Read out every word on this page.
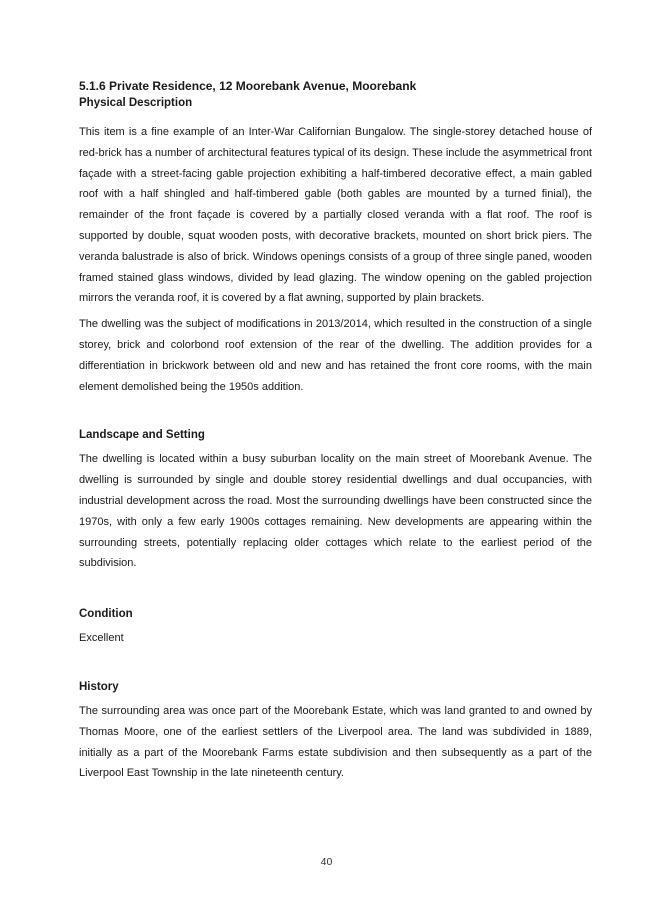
5.1.6 Private Residence, 12 Moorebank Avenue, Moorebank
Physical Description

This item is a fine example of an Inter-War Californian Bungalow. The single-storey detached house of red-brick has a number of architectural features typical of its design. These include the asymmetrical front façade with a street-facing gable projection exhibiting a half-timbered decorative effect, a main gabled roof with a half shingled and half-timbered gable (both gables are mounted by a turned finial), the remainder of the front façade is covered by a partially closed veranda with a flat roof. The roof is supported by double, squat wooden posts, with decorative brackets, mounted on short brick piers. The veranda balustrade is also of brick. Windows openings consists of a group of three single paned, wooden framed stained glass windows, divided by lead glazing. The window opening on the gabled projection mirrors the veranda roof, it is covered by a flat awning, supported by plain brackets.

The dwelling was the subject of modifications in 2013/2014, which resulted in the construction of a single storey, brick and colorbond roof extension of the rear of the dwelling. The addition provides for a differentiation in brickwork between old and new and has retained the front core rooms, with the main element demolished being the 1950s addition.

Landscape and Setting

The dwelling is located within a busy suburban locality on the main street of Moorebank Avenue. The dwelling is surrounded by single and double storey residential dwellings and dual occupancies, with industrial development across the road. Most the surrounding dwellings have been constructed since the 1970s, with only a few early 1900s cottages remaining. New developments are appearing within the surrounding streets, potentially replacing older cottages which relate to the earliest period of the subdivision.

Condition

Excellent

History

The surrounding area was once part of the Moorebank Estate, which was land granted to and owned by Thomas Moore, one of the earliest settlers of the Liverpool area. The land was subdivided in 1889, initially as a part of the Moorebank Farms estate subdivision and then subsequently as a part of the Liverpool East Township in the late nineteenth century.

40
